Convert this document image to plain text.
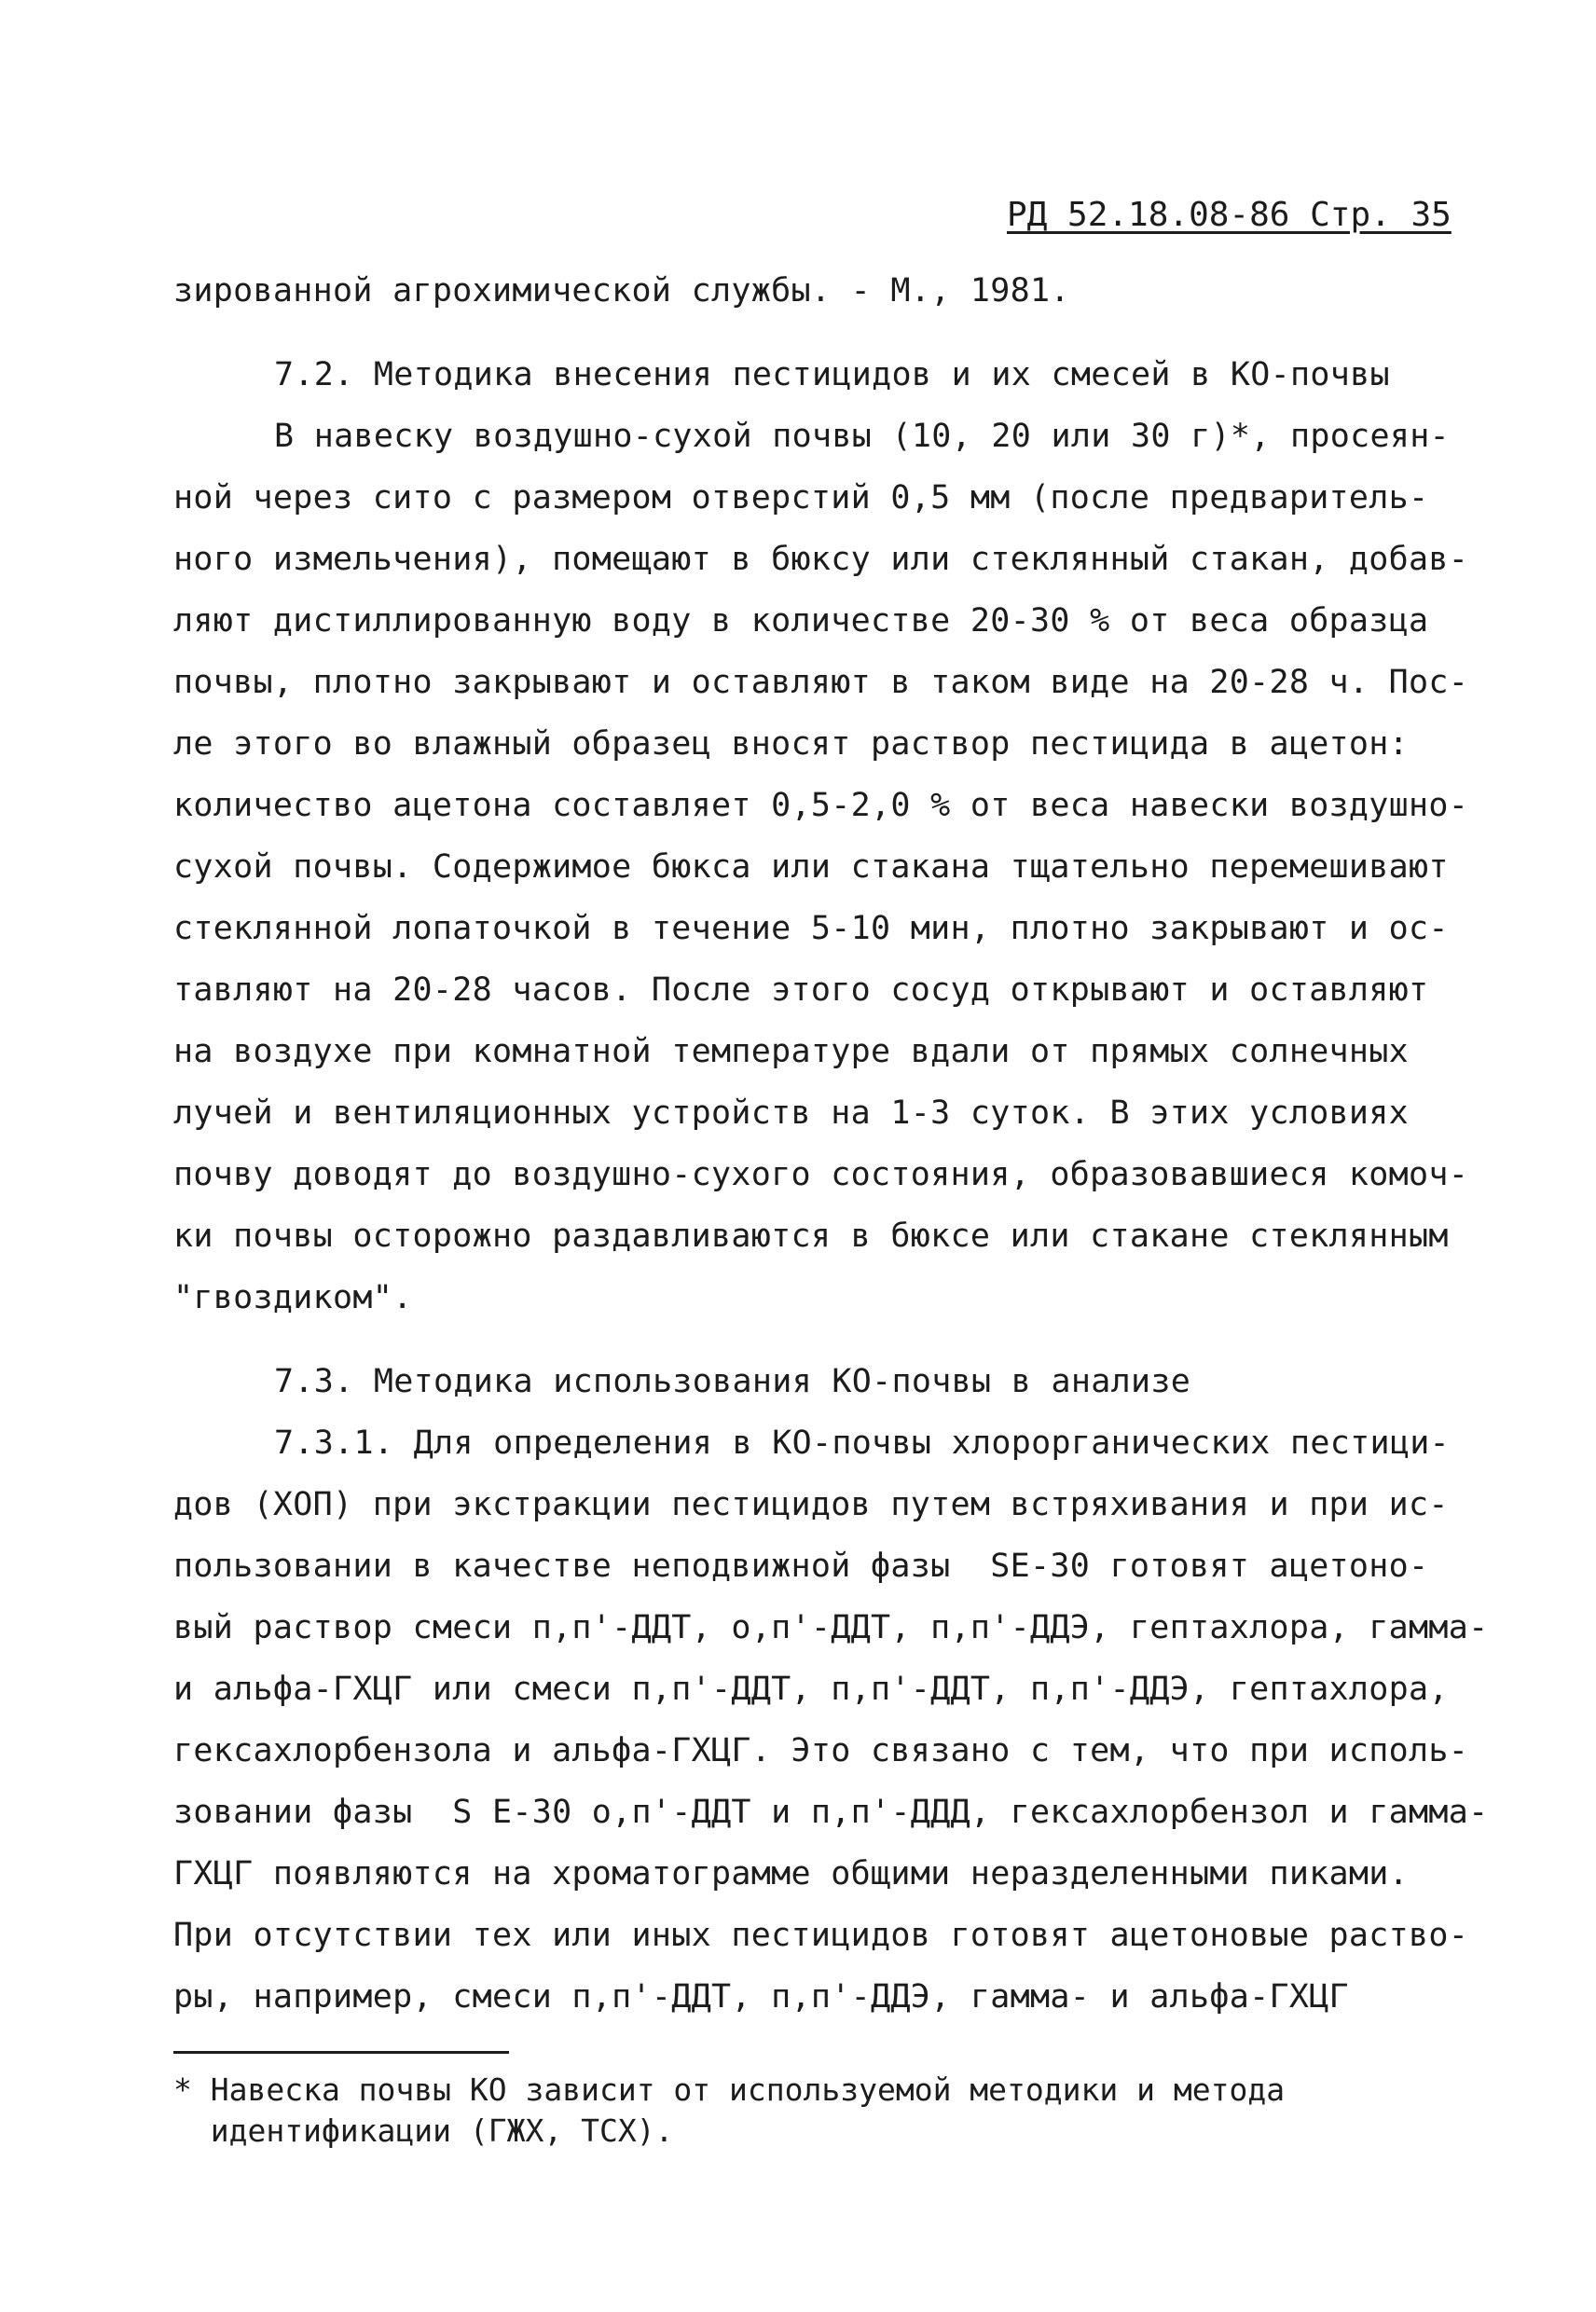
РД 52.18.08-86 Стр. 35
зированной агрохимической службы. - М., 1981.
7.2. Методика внесения пестицидов и их смесей в КО-почвы
В навеску воздушно-сухой почвы (10, 20 или 30 г)*, просеян-
ной через сито с размером отверстий 0,5 мм (после предваритель-
ного измельчения), помещают в бюксу или стеклянный стакан, добав-
ляют дистиллированную воду в количестве 20-30 % от веса образца
почвы, плотно закрывают и оставляют в таком виде на 20-28 ч. Пос-
ле этого во влажный образец вносят раствор пестицида в ацетон:
количество ацетона составляет 0,5-2,0 % от веса навески воздушно-
сухой почвы. Содержимое бюкса или стакана тщательно перемешивают
стеклянной лопаточкой в течение 5-10 мин, плотно закрывают и ос-
тавляют на 20-28 часов. После этого сосуд открывают и оставляют
на воздухе при комнатной температуре вдали от прямых солнечных
лучей и вентиляционных устройств на 1-3 суток. В этих условиях
почву доводят до воздушно-сухого состояния, образовавшиеся комоч-
ки почвы осторожно раздавливаются в бюксе или стакане стеклянным
"гвоздиком".
7.3. Методика использования КО-почвы в анализе
7.3.1. Для определения в КО-почвы хлорорганических пестици-
дов (ХОП) при экстракции пестицидов путем встряхивания и при ис-
пользовании в качестве неподвижной фазы  SE-30 готовят ацетоно-
вый раствор смеси п,п'-ДДТ, о,п'-ДДТ, п,п'-ДДЭ, гептахлора, гамма-
и альфа-ГХЦГ или смеси п,п'-ДДТ, п,п'-ДДТ, п,п'-ДДЭ, гептахлора,
гексахлорбензола и альфа-ГХЦГ. Это связано с тем, что при исполь-
зовании фазы  S E-30 о,п'-ДДТ и п,п'-ДДД, гексахлорбензол и гамма-
ГХЦГ появляются на хроматограмме общими неразделенными пиками.
При отсутствии тех или иных пестицидов готовят ацетоновые раство-
ры, например, смеси п,п'-ДДТ, п,п'-ДДЭ, гамма- и альфа-ГХЦГ
* Навеска почвы КО зависит от используемой методики и метода
идентификации (ГЖХ, ТСХ).
